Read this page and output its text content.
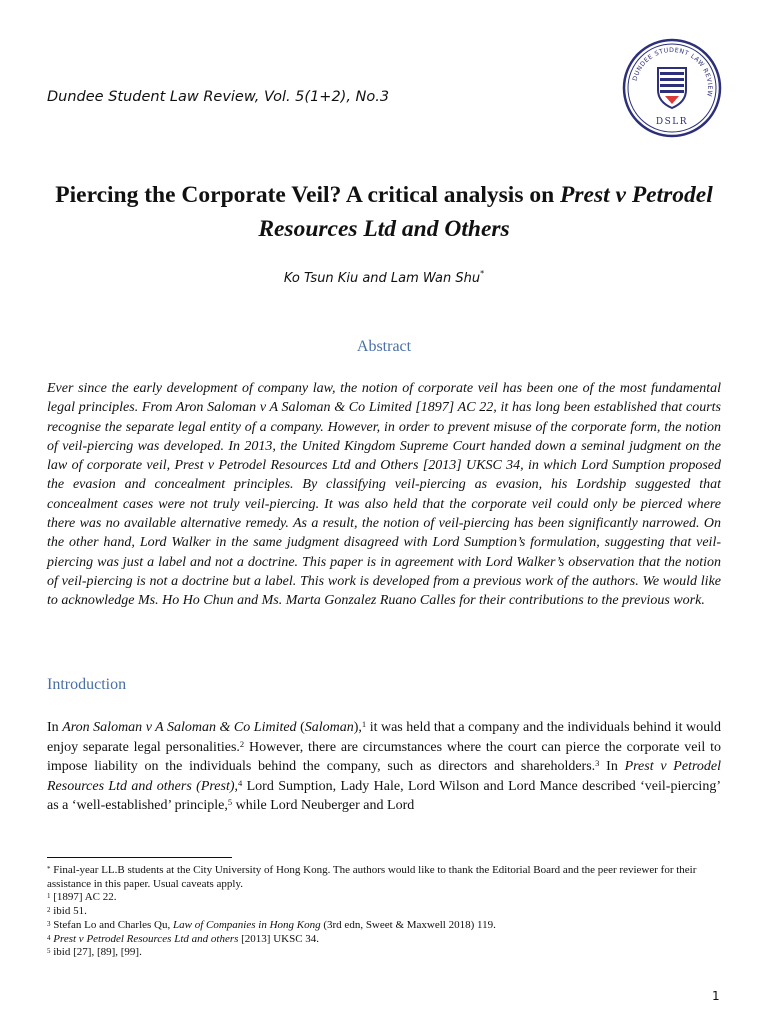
Dundee Student Law Review, Vol. 5(1+2), No.3
DUNDEE STUDENT LAW REVIEW
DSLR
Piercing the Corporate Veil? A critical analysis on Prest v Petrodel Resources Ltd and Others
Ko Tsun Kiu and Lam Wan Shu*
Abstract

Ever since the early development of company law, the notion of corporate veil has been one of the most fundamental legal principles. From Aron Saloman v A Saloman & Co Limited [1897] AC 22, it has long been established that courts recognise the separate legal entity of a company. However, in order to prevent misuse of the corporate form, the notion of veil-piercing was developed. In 2013, the United Kingdom Supreme Court handed down a seminal judgment on the law of corporate veil, Prest v Petrodel Resources Ltd and Others [2013] UKSC 34, in which Lord Sumption proposed the evasion and concealment principles. By classifying veil-piercing as evasion, his Lordship suggested that concealment cases were not truly veil-piercing. It was also held that the corporate veil could only be pierced where there was no available alternative remedy. As a result, the notion of veil-piercing has been significantly narrowed. On the other hand, Lord Walker in the same judgment disagreed with Lord Sumption’s formulation, suggesting that veil-piercing was just a label and not a doctrine. This paper is in agreement with Lord Walker’s observation that the notion of veil-piercing is not a doctrine but a label. This work is developed from a previous work of the authors. We would like to acknowledge Ms. Ho Ho Chun and Ms. Marta Gonzalez Ruano Calles for their contributions to the previous work.

Introduction

In Aron Saloman v A Saloman & Co Limited (Saloman),$^1$ it was held that a company and the individuals behind it would enjoy separate legal personalities.$^2$ However, there are circumstances where the court can pierce the corporate veil to impose liability on the individuals behind the company, such as directors and shareholders.$^3$ In Prest v Petrodel Resources Ltd and others (Prest),$^4$ Lord Sumption, Lady Hale, Lord Wilson and Lord Mance described ‘veil-piercing’ as a ‘well-established’ principle,$^5$ while Lord Neuberger and Lord

* Final-year LL.B students at the City University of Hong Kong. The authors would like to thank the Editorial Board and the peer reviewer for their assistance in this paper. Usual caveats apply.

$^1$ [1897] AC 22.

$^2$ ibid 51.

$^3$ Stefan Lo and Charles Qu, Law of Companies in Hong Kong (3rd edn, Sweet & Maxwell 2018) 119.

$^4$ Prest v Petrodel Resources Ltd and others [2013] UKSC 34.

$^5$ ibid [27], [89], [99].

1
